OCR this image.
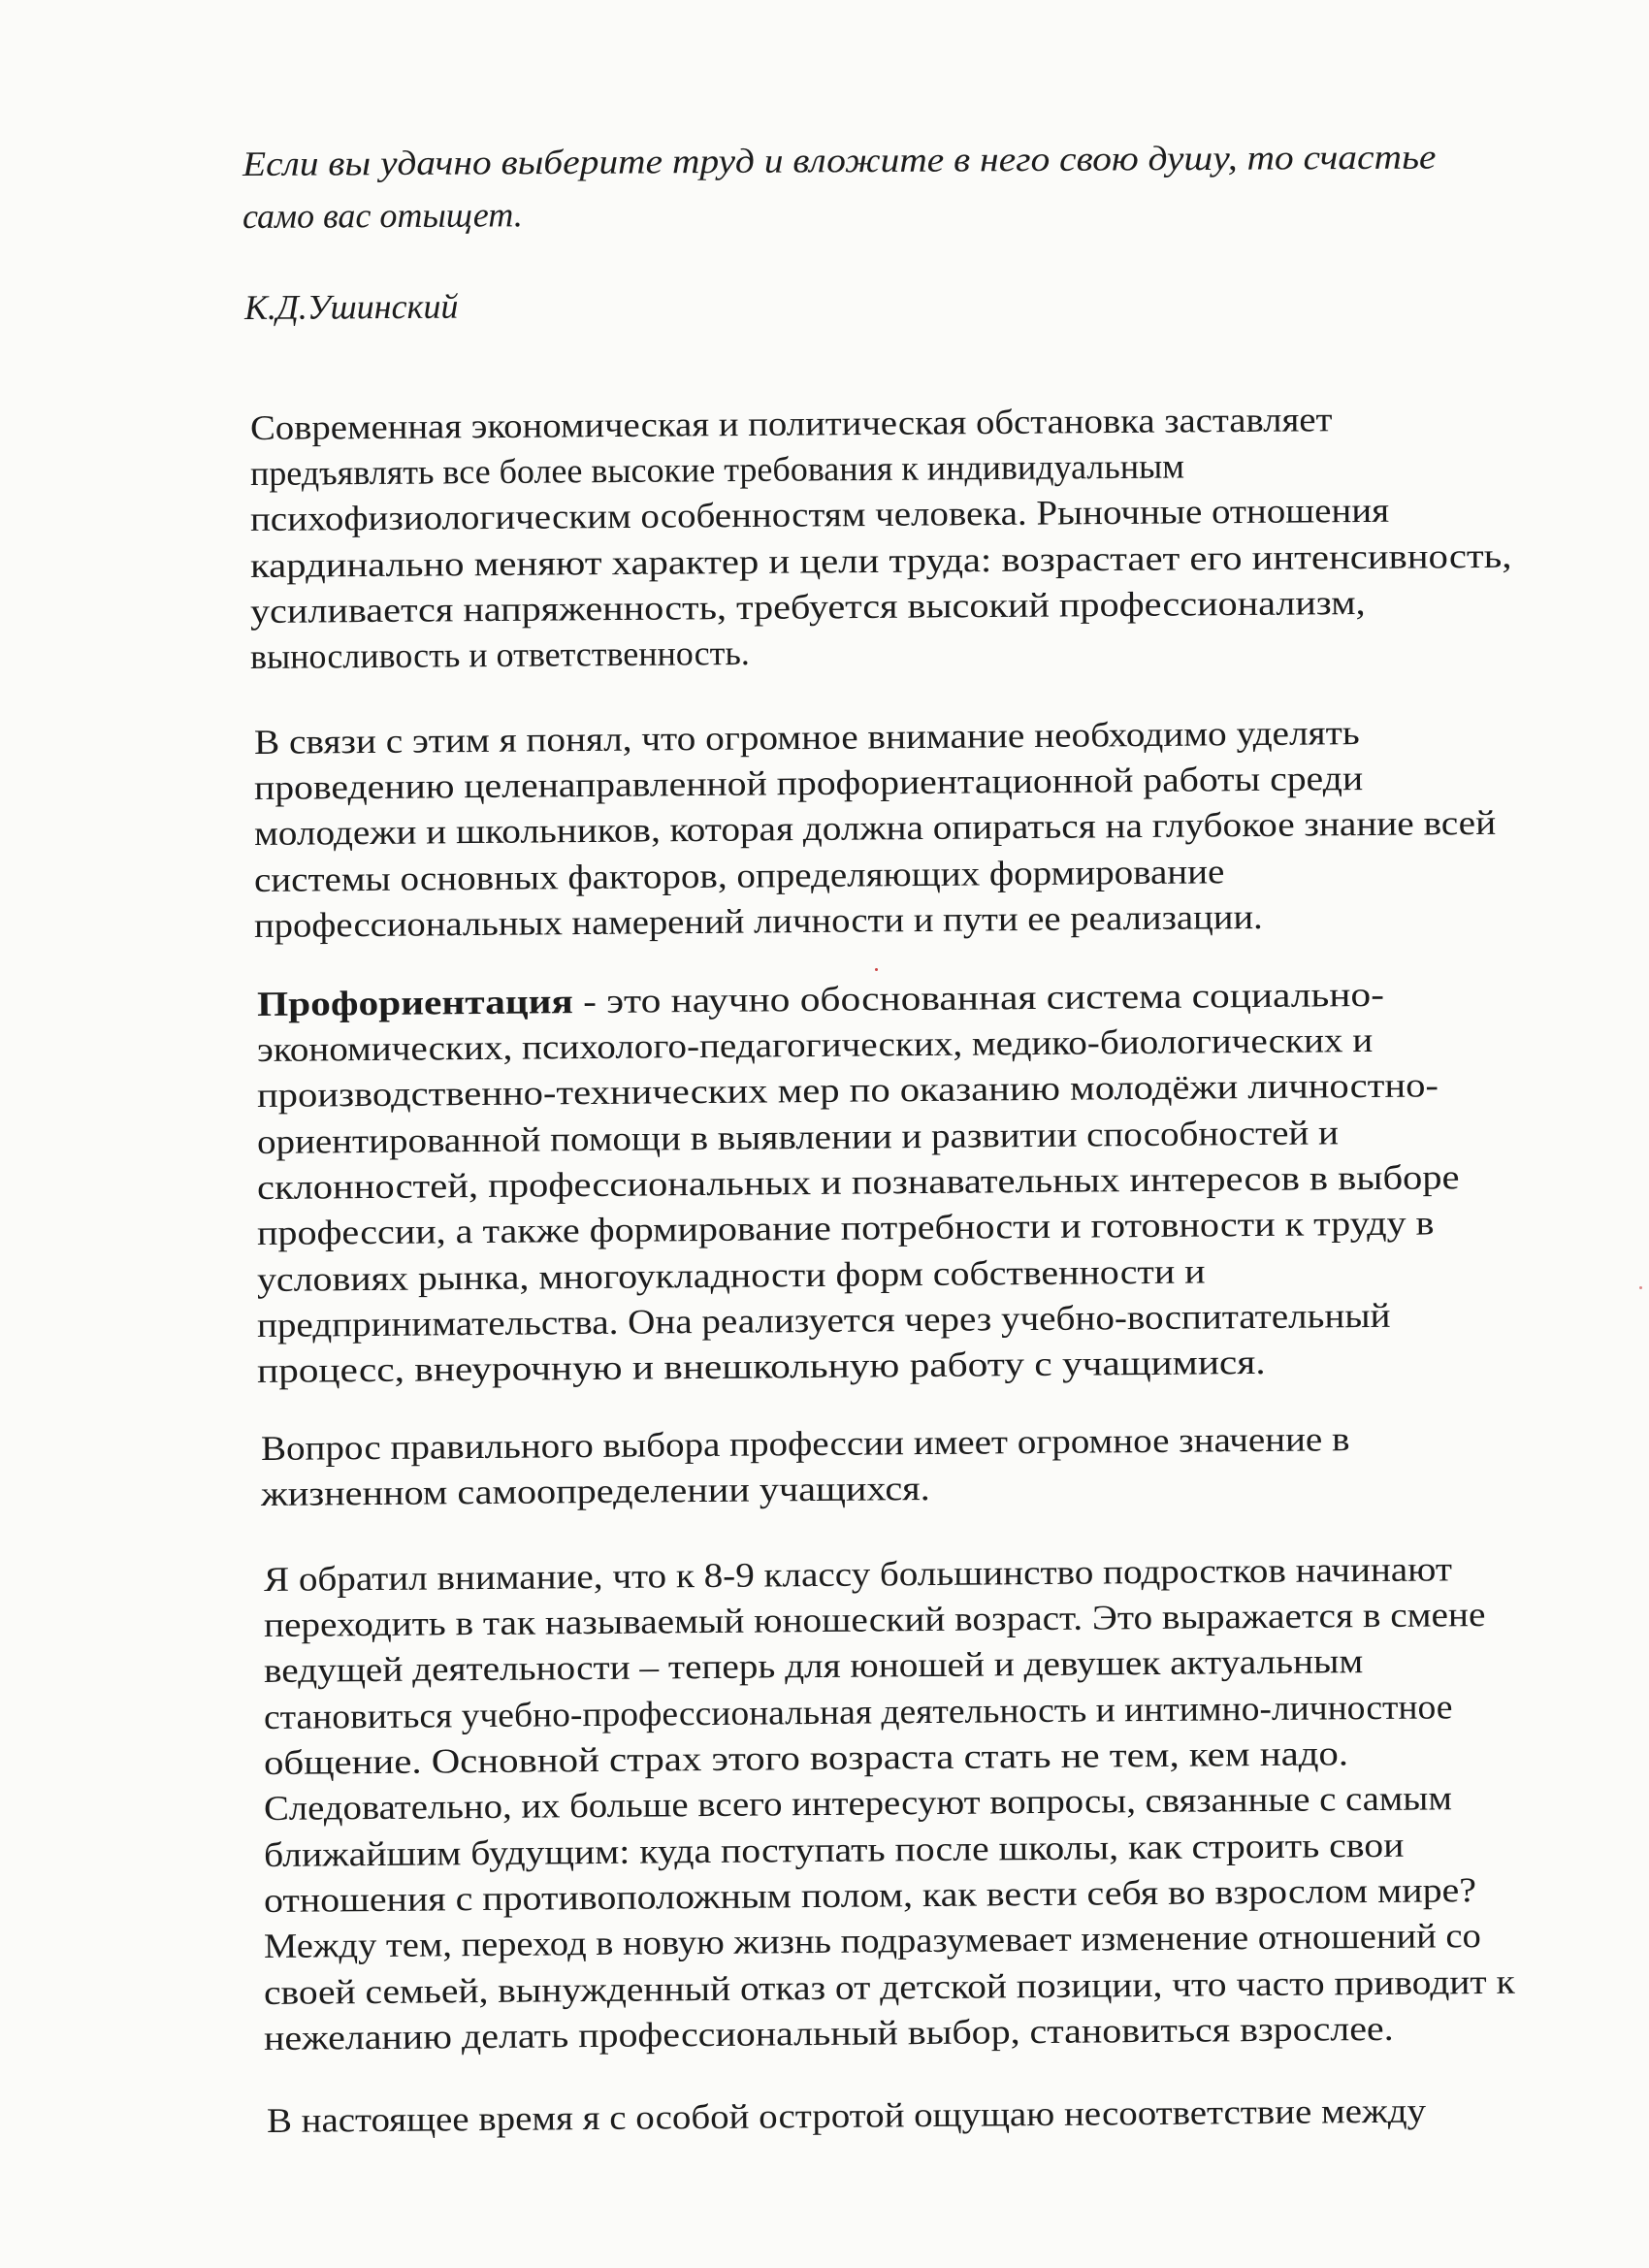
Если вы удачно выберите труд и вложите в него свою душу, то счастье
само вас отыщет.
К.Д.Ушинский
Современная экономическая и политическая обстановка заставляет
предъявлять все более высокие требования к индивидуальным
психофизиологическим особенностям человека. Рыночные отношения
кардинально меняют характер и цели труда: возрастает его интенсивность,
усиливается напряженность, требуется высокий профессионализм,
выносливость и ответственность.
В связи с этим я понял, что огромное внимание необходимо уделять
проведению целенаправленной профориентационной работы среди
молодежи и школьников, которая должна опираться на глубокое знание всей
системы основных факторов, определяющих формирование
профессиональных намерений личности и пути ее реализации.
Профориентация - это научно обоснованная система социально-
экономических, психолого-педагогических, медико-биологических и
производственно-технических мер по оказанию молодёжи личностно-
ориентированной помощи в выявлении и развитии способностей и
склонностей, профессиональных и познавательных интересов в выборе
профессии, а также формирование потребности и готовности к труду в
условиях рынка, многоукладности форм собственности и
предпринимательства. Она реализуется через учебно-воспитательный
процесс, внеурочную и внешкольную работу с учащимися.
Вопрос правильного выбора профессии имеет огромное значение в
жизненном самоопределении учащихся.
Я обратил внимание, что к 8-9 классу большинство подростков начинают
переходить в так называемый юношеский возраст. Это выражается в смене
ведущей деятельности – теперь для юношей и девушек актуальным
становиться учебно-профессиональная деятельность и интимно-личностное
общение. Основной страх этого возраста стать не тем, кем надо.
Следовательно, их больше всего интересуют вопросы, связанные с самым
ближайшим будущим: куда поступать после школы, как строить свои
отношения с противоположным полом, как вести себя во взрослом мире?
Между тем, переход в новую жизнь подразумевает изменение отношений со
своей семьей, вынужденный отказ от детской позиции, что часто приводит к
нежеланию делать профессиональный выбор, становиться взрослее.
В настоящее время я с особой остротой ощущаю несоответствие между
